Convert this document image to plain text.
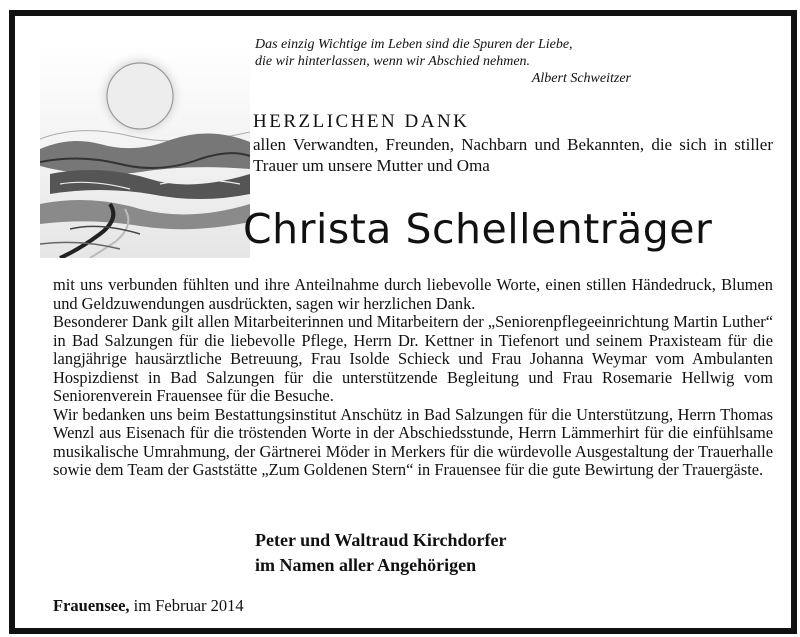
Das einzig Wichtige im Leben sind die Spuren der Liebe,
die wir hinterlassen, wenn wir Abschied nehmen.
Albert Schweitzer
HERZLICHEN DANK
allen Verwandten, Freunden, Nachbarn und Bekannten, die sich in stiller Trauer um unsere Mutter und Oma
Christa Schellenträger

mit uns verbunden fühlten und ihre Anteilnahme durch liebevolle Worte, einen stillen Händedruck, Blumen und Geldzuwendungen ausdrückten, sagen wir herzlichen Dank.

Besonderer Dank gilt allen Mitarbeiterinnen und Mitarbeitern der „Seniorenpflegeeinrichtung Martin Luther“ in Bad Salzungen für die liebevolle Pflege, Herrn Dr. Kettner in Tiefenort und seinem Praxisteam für die langjährige hausärztliche Betreuung, Frau Isolde Schieck und Frau Johanna Weymar vom Ambulanten Hospizdienst in Bad Salzungen für die unterstützende Begleitung und Frau Rosemarie Hellwig vom Seniorenverein Frauensee für die Besuche.

Wir bedanken uns beim Bestattungsinstitut Anschütz in Bad Salzungen für die Unterstützung, Herrn Thomas Wenzl aus Eisenach für die tröstenden Worte in der Abschiedsstunde, Herrn Lämmerhirt für die einfühlsame musikalische Umrahmung, der Gärtnerei Möder in Merkers für die würdevolle Ausgestaltung der Trauerhalle sowie dem Team der Gaststätte „Zum Goldenen Stern“ in Frauensee für die gute Bewirtung der Trauergäste.

Peter und Waltraud Kirchdorfer
im Namen aller Angehörigen
Frauensee, im Februar 2014
